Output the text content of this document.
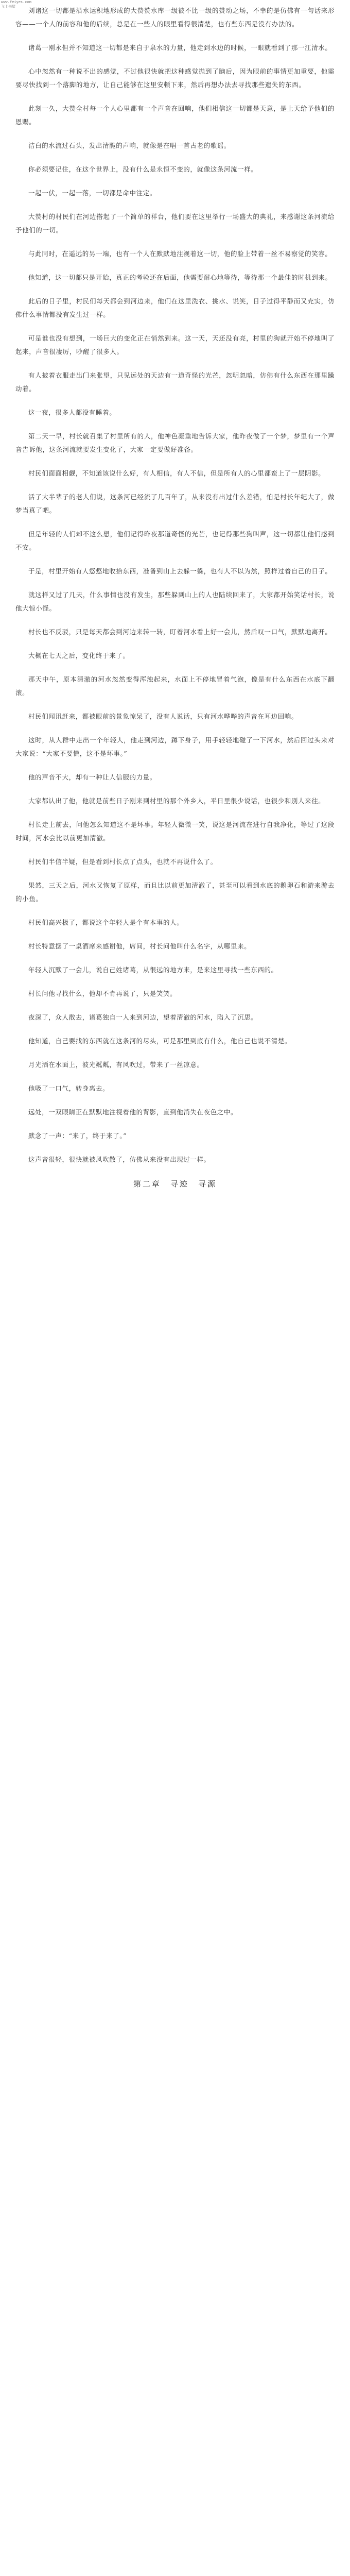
www.feiyes.com
飞上书屋	刘诸这一切都是沿水运积地形成的大赞赞水库一级彼不比一级的赞动之场，不幸的是仿佛有一句话来形容——一个人的前容和他的后续，总是在一些人的眼里看得很清楚，也有些东西是没有办法的。

诸葛一刚永但并不知道这一切都是来自于泉水的力量，他走到水边的时候，一眼就看到了那一江清水。

心中忽然有一种说不出的感觉，不过他很快就把这种感觉拋到了脑后，因为眼前的事情更加重要，他需要尽快找到一个落脚的地方，让自己能够在这里安顿下来，然后再想办法去寻找那些遗失的东西。

此刻一久，大赞全村每一个人心里都有一个声音在回响，他们相信这一切都是天意，是上天给予他们的恩赐。

洁白的水流过石头，发出清脆的声响，就像是在唱一首古老的歌谣。

你必须要记住，在这个世界上，没有什么是永恒不变的，就像这条河流一样。

一起一伏，一起一落，一切都是命中注定。

大赞村的村民们在河边搭起了一个简单的祥台，他们要在这里举行一场盛大的典礼，来感谢这条河流给予他们的一切。

与此同时，在遥远的另一端，也有一个人在默默地注视着这一切，他的脸上带着一丝不易察觉的笑容。

他知道，这一切都只是开始，真正的考验还在后面，他需要耐心地等待，等待那一个最佳的时机到来。

此后的日子里，村民们每天都会到河边来，他们在这里洗衣、挑水、说笑，日子过得平静而又充实，仿佛什么事情都没有发生过一样。

可是谁也没有想到，一场巨大的变化正在悄然到来。这一天，天还没有亮，村里的狗就开始不停地叫了起来，声音很凄厉，吵醒了很多人。

有人披着衣服走出门来张望，只见远处的天边有一道奇怪的光芒，忽明忽暗，仿佛有什么东西在那里躁动着。

这一夜，很多人都没有睡着。

第二天一早，村长就召集了村里所有的人，他神色凝重地告诉大家，他昨夜做了一个梦，梦里有一个声音告诉他，这条河流就要发生变化了，大家一定要做好准备。

村民们面面相觑，不知道该说什么好，有人相信，有人不信，但是所有人的心里都蛮上了一层阴影。

活了大半辈子的老人们说，这条河已经流了几百年了，从来没有出过什么差错，怕是村长年纪大了，做梦当真了吧。

但是年轻的人们却不这么想，他们记得昨夜那道奇怪的光芒，也记得那些狗叫声，这一切都让他们感到不安。

于是，村里开始有人惄惄地收拾东西，准备到山上去躲一躲，也有人不以为然，照样过着自己的日子。

就这样又过了几天，什么事情也没有发生，那些躲到山上的人也陆续回来了，大家都开始笑话村长，说他大惊小怪。

村长也不反驳，只是每天都会到河边来转一转，盯着河水看上好一会儿，然后叹一口气，默默地离开。

大概在七天之后，变化终于来了。

那天中午，原本清澈的河水忽然变得浑浊起来，水面上不停地冒着气泡，像是有什么东西在水底下翻滚。

村民们闻讯赶来，都被眼前的景象惊呆了，没有人说话，只有河水哗哗的声音在耳边回响。

这时，从人群中走出一个年轻人，他走到河边，蹲下身子，用手轻轻地碰了一下河水，然后回过头来对大家说：“大家不要慌，这不是坏事。”

他的声音不大，却有一种让人信服的力量。

大家都认出了他，他就是前些日子刚来到村里的那个外乡人，平日里很少说话，也很少和别人来往。

村长走上前去，问他怎么知道这不是坏事。年轻人微微一笑，说这是河流在进行自我净化，等过了这段时间，河水会比以前更加清澈。

村民们半信半疑，但是看到村长点了点头，也就不再说什么了。

果然，三天之后，河水又恢复了原样，而且比以前更加清澈了，甚至可以看到水底的鹅卵石和游来游去的小鱼。

村民们高兴极了，都说这个年轻人是个有本事的人。

村长特意摆了一桌酒席来感谢他，席间，村长问他叫什么名字，从哪里来。

年轻人沉默了一会儿，说自己姓诸葛，从很远的地方来，是来这里寻找一些东西的。

村长问他寻找什么，他却不肯再说了，只是笑笑。

夜深了，众人散去，诸葛独自一人来到河边，望着清澈的河水，陷入了沉思。

他知道，自己要找的东西就在这条河的尽头，可是那里到底有什么，他自己也说不清楚。

月光洒在水面上，波光粼粼，有风吹过，带来了一丝凉意。

他吸了一口气，转身离去。

远处，一双眼睛正在默默地注视着他的背影，直到他消失在夜色之中。

默念了一声：“来了，终于来了。”

这声音很轻，很快就被风吹散了，仿佛从来没有出现过一样。

第二章　寻迹　寻源
